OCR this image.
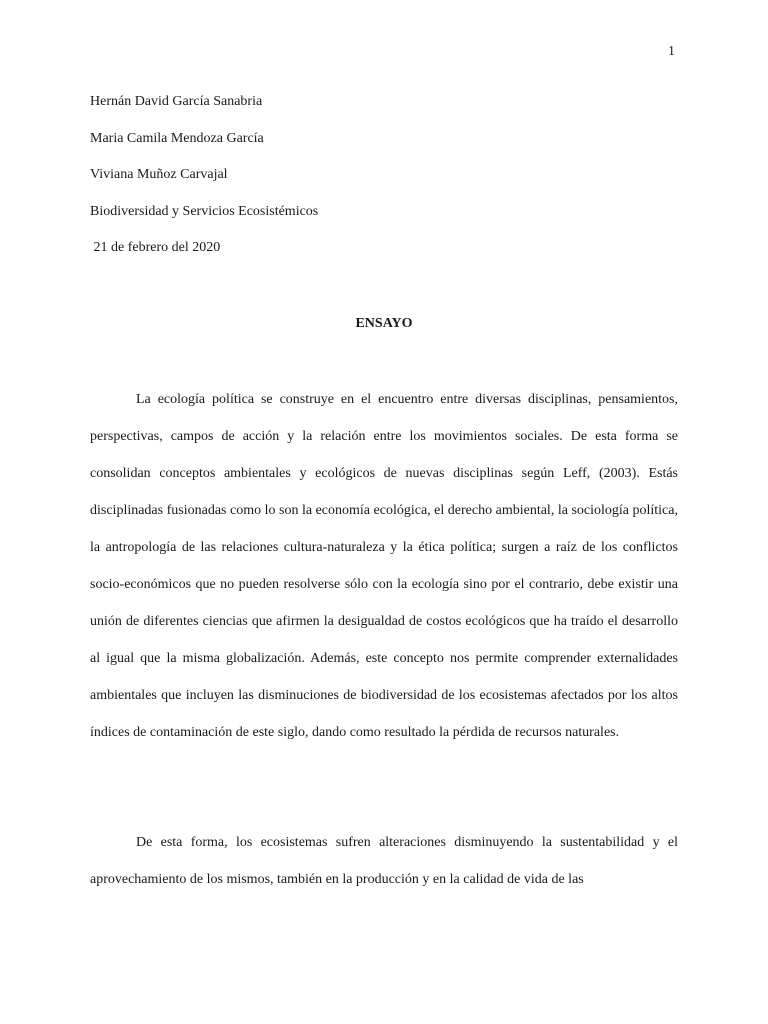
1
Hernán David García Sanabria
Maria Camila Mendoza García
Viviana Muñoz Carvajal
Biodiversidad y Servicios Ecosistémicos
21 de febrero del 2020
ENSAYO

La ecología política se construye en el encuentro entre diversas disciplinas, pensamientos, perspectivas, campos de acción y la relación entre los movimientos sociales. De esta forma se consolidan conceptos ambientales y ecológicos de nuevas disciplinas según Leff, (2003). Estás disciplinadas fusionadas como lo son la economía ecológica, el derecho ambiental, la sociología política, la antropología de las relaciones cultura-naturaleza y la ética política; surgen a raíz de los conflictos socio-económicos que no pueden resolverse sólo con la ecología sino por el contrario, debe existir una unión de diferentes ciencias que afirmen la desigualdad de costos ecológicos que ha traído el desarrollo al igual que la misma globalización. Además, este concepto nos permite comprender externalidades ambientales que incluyen las disminuciones de biodiversidad de los ecosistemas afectados por los altos índices de contaminación de este siglo, dando como resultado la pérdida de recursos naturales.

De esta forma, los ecosistemas sufren alteraciones disminuyendo la sustentabilidad y el aprovechamiento de los mismos, también en la producción y en la calidad de vida de las
